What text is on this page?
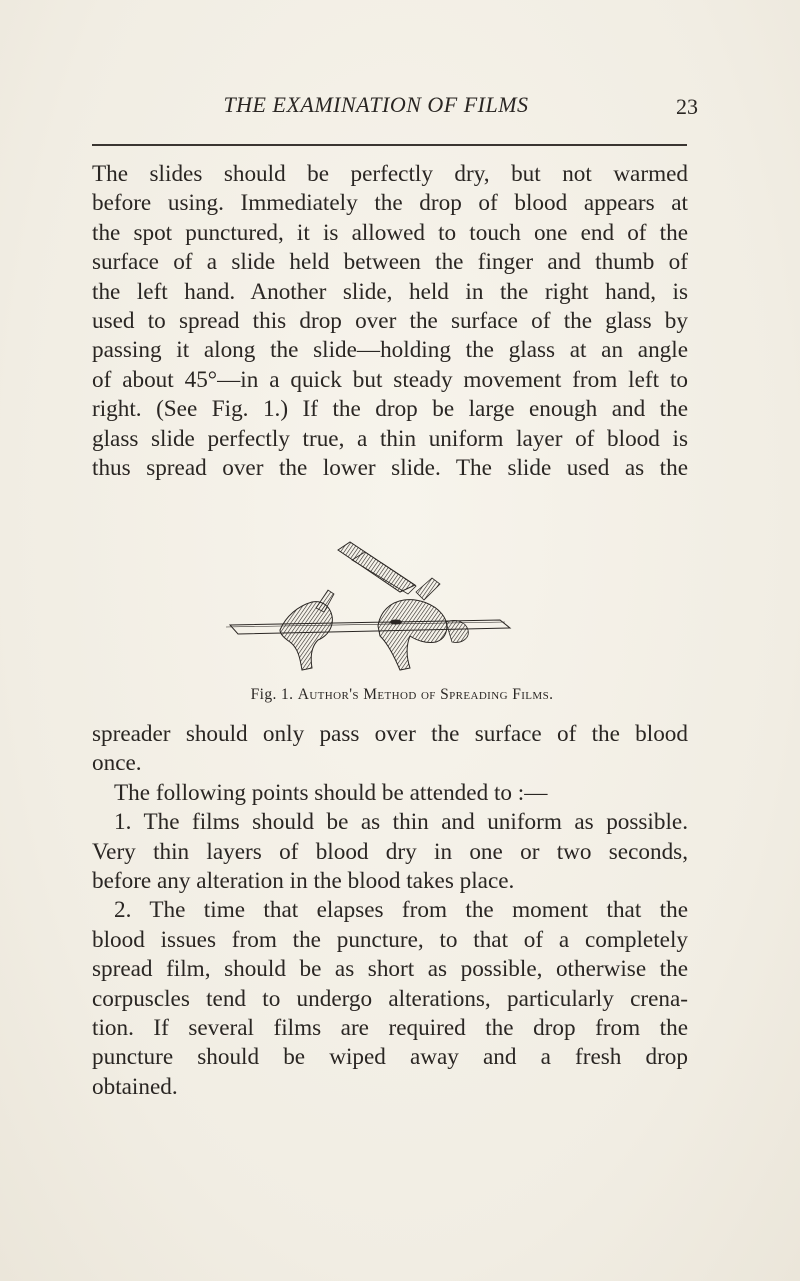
THE EXAMINATION OF FILMS	23
The slides should be perfectly dry, but not warmed
before using. Immediately the drop of blood appears at
the spot punctured, it is allowed to touch one end of the
surface of a slide held between the finger and thumb of
the left hand. Another slide, held in the right hand, is
used to spread this drop over the surface of the glass by
passing it along the slide—holding the glass at an angle
of about 45°—in a quick but steady movement from left to
right. (See Fig. 1.) If the drop be large enough and the
glass slide perfectly true, a thin uniform layer of blood is
thus spread over the lower slide. The slide used as the
Fig. 1. Author's Method of Spreading Films.
spreader should only pass over the surface of the blood
once.
The following points should be attended to :—
1. The films should be as thin and uniform as possible.
Very thin layers of blood dry in one or two seconds,
before any alteration in the blood takes place.
2. The time that elapses from the moment that the
blood issues from the puncture, to that of a completely
spread film, should be as short as possible, otherwise the
corpuscles tend to undergo alterations, particularly crena-
tion. If several films are required the drop from the
puncture should be wiped away and a fresh drop
obtained.
